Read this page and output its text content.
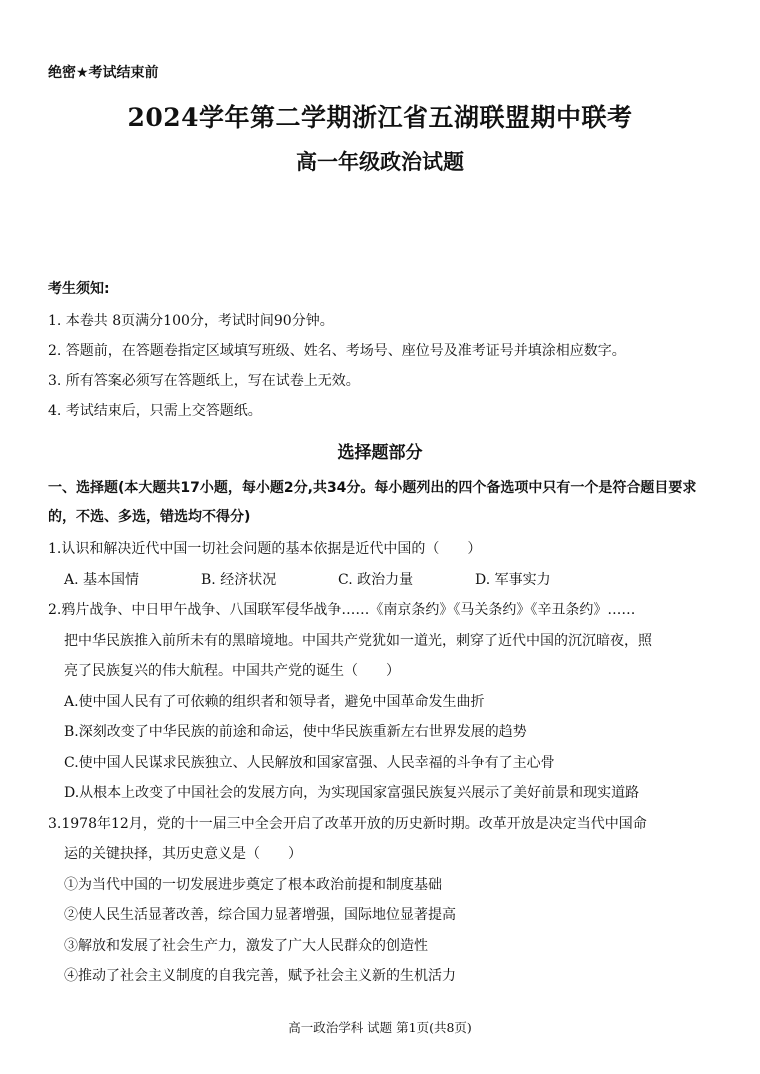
绝密★考试结束前
2024学年第二学期浙江省五湖联盟期中联考
高一年级政治试题
考生须知:
1. 本卷共 8页满分100分，考试时间90分钟。
2. 答题前，在答题卷指定区域填写班级、姓名、考场号、座位号及准考证号并填涂相应数字。
3. 所有答案必须写在答题纸上，写在试卷上无效。
4. 考试结束后，只需上交答题纸。
选择题部分
一、选择题(本大题共17小题，每小题2分,共34分。每小题列出的四个备选项中只有一个是符合题目要求的，不选、多选，错选均不得分)
1.认识和解决近代中国一切社会问题的基本依据是近代中国的（　　）
A. 基本国情	B. 经济状况	C. 政治力量	D. 军事实力
2.鸦片战争、中日甲午战争、八国联军侵华战争……《南京条约》《马关条约》《辛丑条约》……
把中华民族推入前所未有的黑暗境地。中国共产党犹如一道光，刺穿了近代中国的沉沉暗夜，照
亮了民族复兴的伟大航程。中国共产党的诞生（　　）
A.使中国人民有了可依赖的组织者和领导者，避免中国革命发生曲折
B.深刻改变了中华民族的前途和命运，使中华民族重新左右世界发展的趋势
C.使中国人民谋求民族独立、人民解放和国家富强、人民幸福的斗争有了主心骨
D.从根本上改变了中国社会的发展方向，为实现国家富强民族复兴展示了美好前景和现实道路
3.1978年12月，党的十一届三中全会开启了改革开放的历史新时期。改革开放是决定当代中国命
运的关键抉择，其历史意义是（　　）
①为当代中国的一切发展进步奠定了根本政治前提和制度基础
②使人民生活显著改善，综合国力显著增强，国际地位显著提高
③解放和发展了社会生产力，激发了广大人民群众的创造性
④推动了社会主义制度的自我完善，赋予社会主义新的生机活力
高一政治学科 试题 第1页(共8页)
